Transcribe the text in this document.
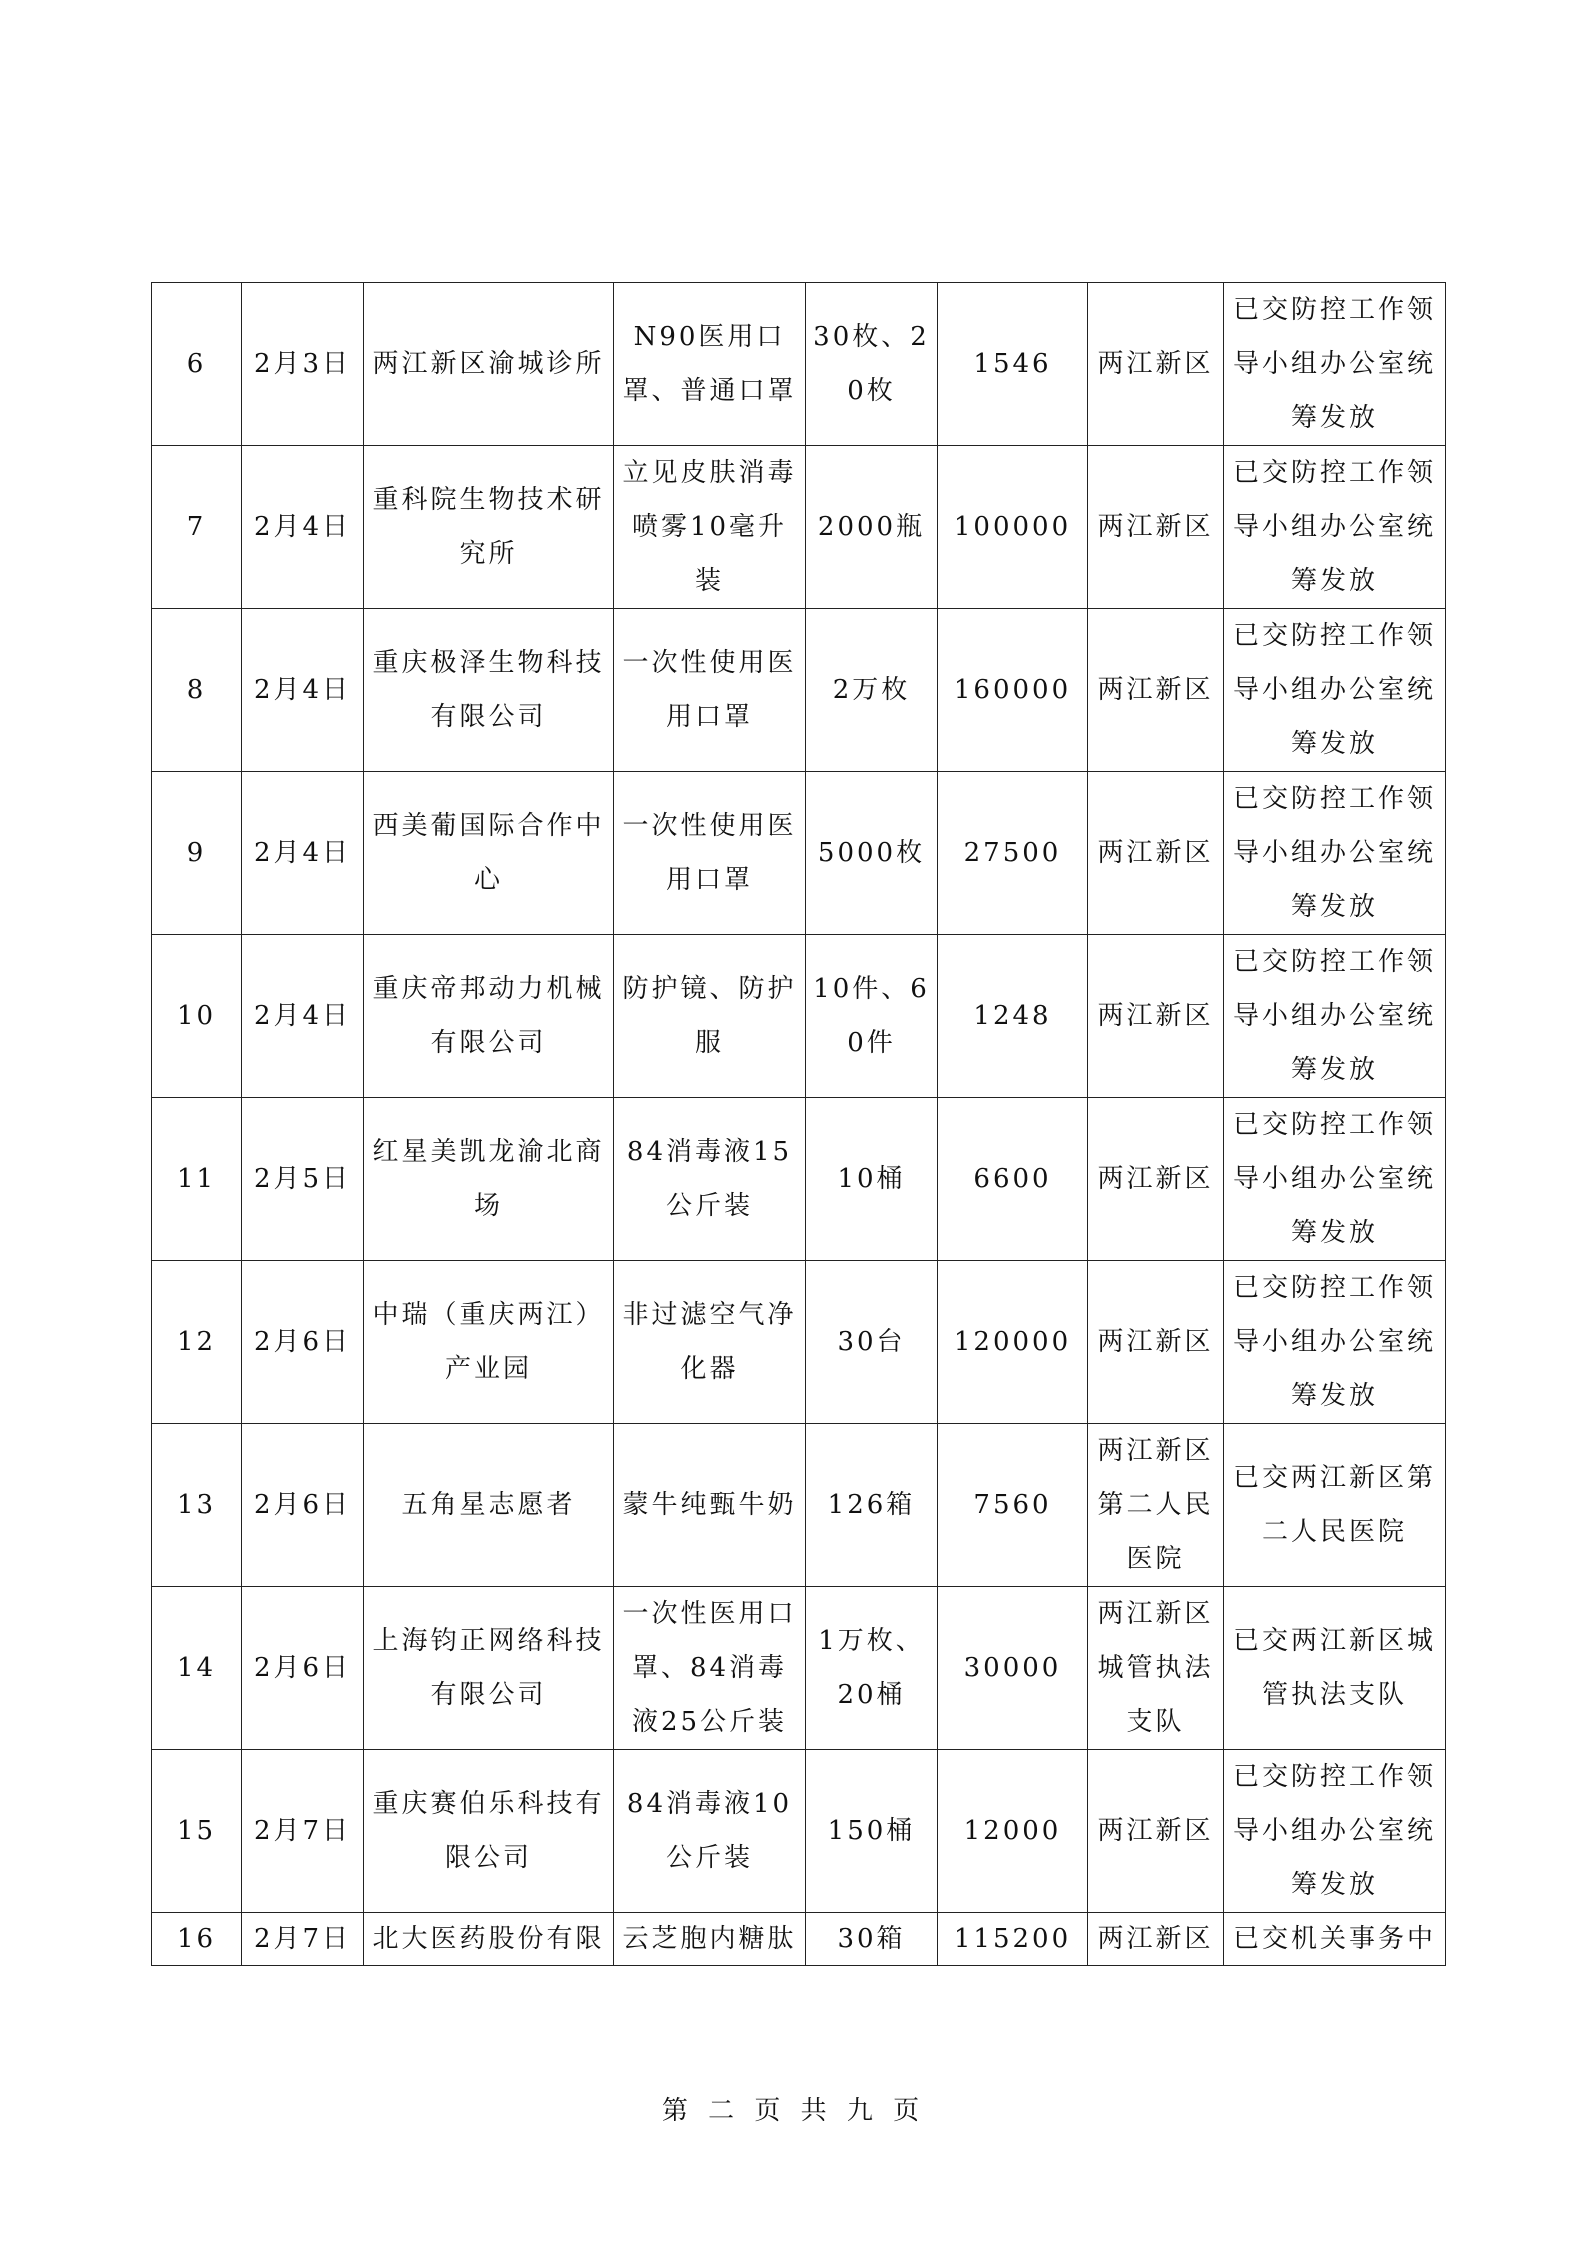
6	2月3日	两江新区渝城诊所	N90医用口罩、普通口罩	30枚、20枚	1546	两江新区	已交防控工作领导小组办公室统筹发放
7	2月4日	重科院生物技术研究所	立见皮肤消毒喷雾10毫升装	2000瓶	100000	两江新区	已交防控工作领导小组办公室统筹发放
8	2月4日	重庆极泽生物科技有限公司	一次性使用医用口罩	2万枚	160000	两江新区	已交防控工作领导小组办公室统筹发放
9	2月4日	西美葡国际合作中心	一次性使用医用口罩	5000枚	27500	两江新区	已交防控工作领导小组办公室统筹发放
10	2月4日	重庆帝邦动力机械有限公司	防护镜、防护服	10件、60件	1248	两江新区	已交防控工作领导小组办公室统筹发放
11	2月5日	红星美凯龙渝北商场	84消毒液15公斤装	10桶	6600	两江新区	已交防控工作领导小组办公室统筹发放
12	2月6日	中瑞（重庆两江）产业园	非过滤空气净化器	30台	120000	两江新区	已交防控工作领导小组办公室统筹发放
13	2月6日	五角星志愿者	蒙牛纯甄牛奶	126箱	7560	两江新区第二人民医院	已交两江新区第二人民医院
14	2月6日	上海钧正网络科技有限公司	一次性医用口罩、84消毒液25公斤装	1万枚、20桶	30000	两江新区城管执法支队	已交两江新区城管执法支队
15	2月7日	重庆赛伯乐科技有限公司	84消毒液10公斤装	150桶	12000	两江新区	已交防控工作领导小组办公室统筹发放
16	2月7日	北大医药股份有限	云芝胞内糖肽	30箱	115200	两江新区	已交机关事务中
第 二 页 共 九 页
